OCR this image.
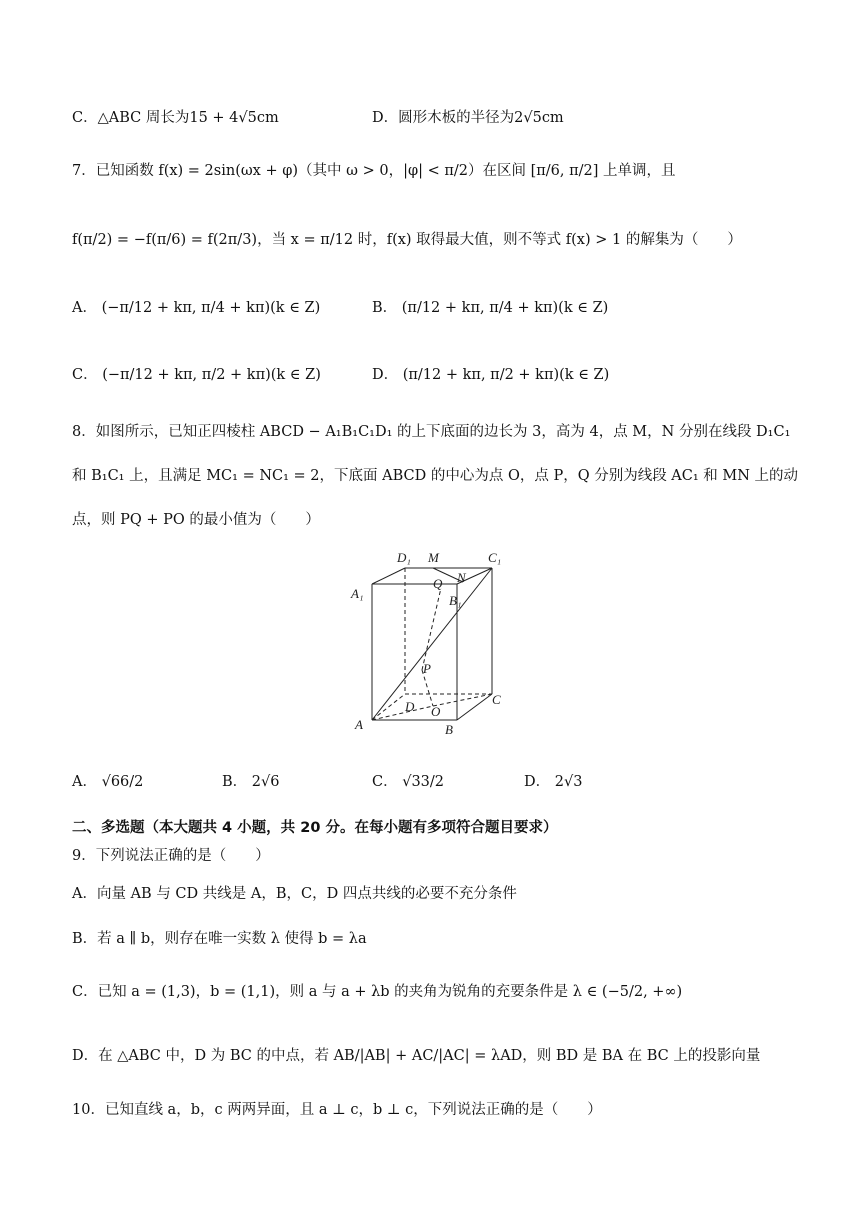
C．△ABC 周长为15 + 4√5cm	D．圆形木板的半径为2√5cm
7．已知函数 f(x) = 2sin(ωx + φ)（其中 ω > 0，|φ| < π/2）在区间 [π/6, π/2] 上单调，且
f(π/2) = −f(π/6) = f(2π/3)，当 x = π/12 时，f(x) 取得最大值，则不等式 f(x) > 1 的解集为（　　）
A． (−π/12 + kπ, π/4 + kπ)(k ∈ Z)	B． (π/12 + kπ, π/4 + kπ)(k ∈ Z)
C． (−π/12 + kπ, π/2 + kπ)(k ∈ Z)	D． (π/12 + kπ, π/2 + kπ)(k ∈ Z)
8．如图所示，已知正四棱柱 ABCD − A₁B₁C₁D₁ 的上下底面的边长为 3，高为 4，点 M，N 分别在线段 D₁C₁
和 B₁C₁ 上，且满足 MC₁ = NC₁ = 2，下底面 ABCD 的中心为点 O，点 P，Q 分别为线段 AC₁ 和 MN 上的动
点，则 PQ + PO 的最小值为（　　）
D₁ M	C₁
N
Q
B₁
A₁
P
D O
C
A	B
A． √66/2	B． 2√6	C． √33/2	D． 2√3
二、多选题（本大题共 4 小题，共 20 分。在每小题有多项符合题目要求）
9．下列说法正确的是（　　）
A．向量 AB 与 CD 共线是 A，B，C，D 四点共线的必要不充分条件
B．若 a ∥ b，则存在唯一实数 λ 使得 b = λa
C．已知 a = (1,3)，b = (1,1)，则 a 与 a + λb 的夹角为锐角的充要条件是 λ ∈ (−5/2, +∞)
D．在 △ABC 中，D 为 BC 的中点，若 AB/|AB| + AC/|AC| = λAD，则 BD 是 BA 在 BC 上的投影向量
10．已知直线 a，b，c 两两异面，且 a ⊥ c，b ⊥ c，下列说法正确的是（　　）
